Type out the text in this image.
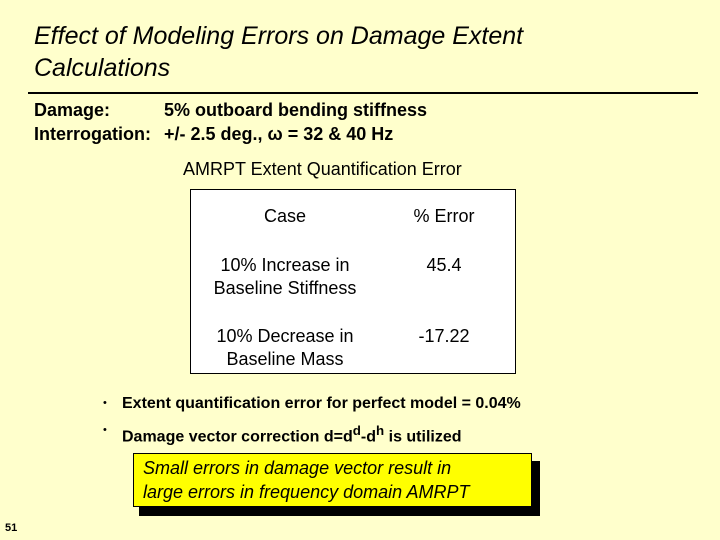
Effect of Modeling Errors on Damage Extent
Calculations
Damage:	5% outboard bending stiffness
Interrogation: +/- 2.5 deg., ω = 32 & 40 Hz
AMRPT Extent Quantification Error
Case	% Error
10% Increase in
Baseline Stiffness
45.4
10% Decrease in
Baseline Mass
-17.22
• Extent quantification error for perfect model = 0.04%
• Damage vector correction $d=d^d-d^h$ is utilized
Small errors in damage vector result in
large errors in frequency domain AMRPT
51
